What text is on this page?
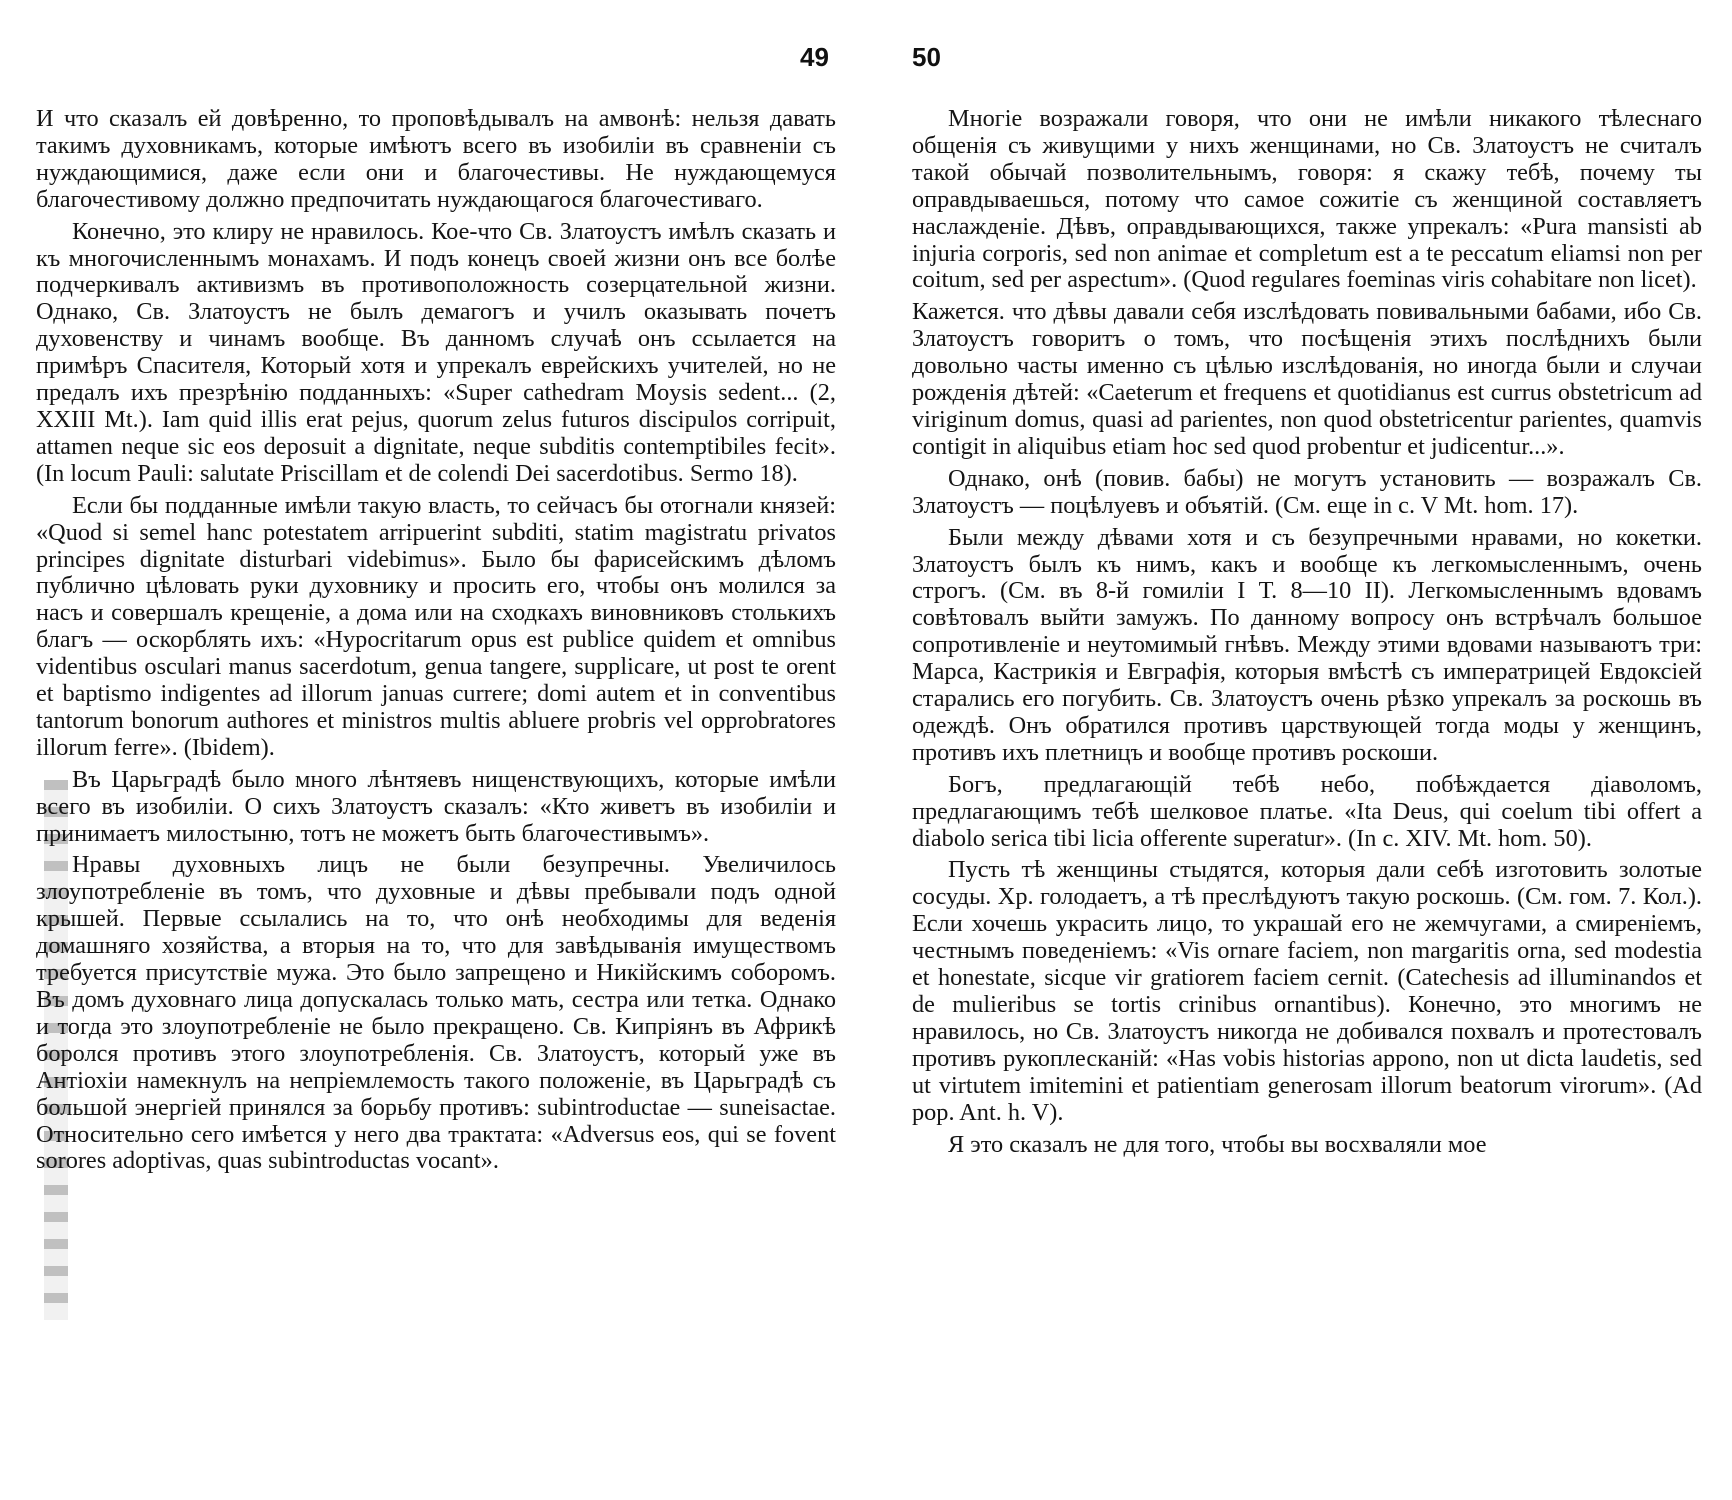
49	50

И что сказалъ ей довѣренно, то проповѣдывалъ на амвонѣ: нельзя давать такимъ духовникамъ, которые имѣютъ всего въ изобилiи въ сравненiи съ нуждающимися, даже если они и благочестивы. Не нуждающемуся благочестивому должно предпочитать нуждающагося благочестиваго.

Конечно, это клиру не нравилось. Кое-что Св. Златоустъ имѣлъ сказать и къ многочисленнымъ монахамъ. И подъ конецъ своей жизни онъ все болѣе подчеркивалъ активизмъ въ противоположность созерцательной жизни. Однако, Св. Златоустъ не былъ демагогъ и училъ оказывать почетъ духовенству и чинамъ вообще. Въ данномъ случаѣ онъ ссылается на примѣръ Спасителя, Который хотя и упрекалъ еврейскихъ учителей, но не предалъ ихъ презрѣнiю подданныхъ: «Super cathedram Moysis sedent... (2, XXIII Mt.). Iam quid illis erat pejus, quorum zelus futuros discipulos corripuit, attamen neque sic eos deposuit a dignitate, neque subditis contemptibiles fecit». (In locum Pauli: salutate Priscillam et de colendi Dei sacerdotibus. Sermo 18).

Если бы подданные имѣли такую власть, то сейчасъ бы отогнали князей: «Quod si semel hanc potestatem arripuerint subditi, statim magistratu privatos principes dignitate disturbari videbimus». Было бы фарисейскимъ дѣломъ публично цѣловать руки духовнику и просить его, чтобы онъ молился за насъ и совершалъ крещенiе, а дома или на сходкахъ виновниковъ столькихъ благъ — оскорблять ихъ: «Hypocritarum opus est publice quidem et omnibus videntibus osculari manus sacerdotum, genua tangere, supplicare, ut post te orent et baptismo indigentes ad illorum januas currere; domi autem et in conventibus tantorum bonorum authores et ministros multis abluere probris vel opprobratores illorum ferre». (Ibidem).

Въ Царьградѣ было много лѣнтяевъ нищенствующихъ, которые имѣли всего въ изобилiи. О сихъ Златоустъ сказалъ: «Кто живетъ въ изобилiи и принимаетъ милостыню, тотъ не можетъ быть благочестивымъ».

Нравы духовныхъ лицъ не были безупречны. Увеличилось злоупотребленiе въ томъ, что духовные и дѣвы пребывали подъ одной крышей. Первые ссылались на то, что онѣ необходимы для веденiя домашняго хозяйства, а вторыя на то, что для завѣдыванiя имуществомъ требуется присутствiе мужа. Это было запрещено и Никiйскимъ соборомъ. Въ домъ духовнаго лица допускалась только мать, сестра или тетка. Однако и тогда это злоупотребленiе не было прекращено. Св. Кипрiянъ въ Африкѣ боролся противъ этого злоупотребленiя. Св. Златоустъ, который уже въ Антiохiи намекнулъ на непрiемлемость такого положенiе, въ Царьградѣ съ большой энергiей принялся за борьбу противъ: subintroductae — suneisactae. Относительно сего имѣется у него два трактата: «Adversus eos, qui se fovent sorores adoptivas, quas subintroductas vocant».

Многiе возражали говоря, что они не имѣли никакого тѣлеснаго общенiя съ живущими у нихъ женщинами, но Св. Златоустъ не считалъ такой обычай позволительнымъ, говоря: я скажу тебѣ, почему ты оправдываешься, потому что самое сожитiе съ женщиной составляетъ наслажденiе. Дѣвъ, оправдывающихся, также упрекалъ: «Pura mansisti ab injuria corporis, sed non animae et completum est a te peccatum eliamsi non per coitum, sed per aspectum». (Quod regulares foeminas viris cohabitare non licet).

Кажется. что дѣвы давали себя изслѣдовать повивальными бабами, ибо Св. Златоустъ говоритъ о томъ, что посѣщенiя этихъ послѣднихъ были довольно часты именно съ цѣлью изслѣдованiя, но иногда были и случаи рожденiя дѣтей: «Caeterum et frequens et quotidianus est currus obstetricum ad viriginum domus, quasi ad parientes, non quod obstetricentur parientes, quamvis contigit in aliquibus etiam hoc sed quod probentur et judicentur...».

Однако, онѣ (повив. бабы) не могутъ установить — возражалъ Св. Златоустъ — поцѣлуевъ и объятiй. (См. еще in c. V Mt. hom. 17).

Были между дѣвами хотя и съ безупречными нравами, но кокетки. Златоустъ былъ къ нимъ, какъ и вообще къ легкомысленнымъ, очень строгъ. (См. въ 8-й гомилiи I Т. 8—10 II). Легкомысленнымъ вдовамъ совѣтовалъ выйти замужъ. По данному вопросу онъ встрѣчалъ большое сопротивленiе и неутомимый гнѣвъ. Между этими вдовами называютъ три: Марса, Кастрикiя и Евграфiя, которыя вмѣстѣ съ императрицей Евдоксiей старались его погубить. Св. Златоустъ очень рѣзко упрекалъ за роскошь въ одеждѣ. Онъ обратился противъ царствующей тогда моды у женщинъ, противъ ихъ плетницъ и вообще противъ роскоши.

Богъ, предлагающiй тебѣ небо, побѣждается дiаволомъ, предлагающимъ тебѣ шелковое платье. «Ita Deus, qui coelum tibi offert a diabolo serica tibi licia offerente superatur». (In c. XIV. Mt. hom. 50).

Пусть тѣ женщины стыдятся, которыя дали себѣ изготовить золотые сосуды. Хр. голодаетъ, а тѣ преслѣдуютъ такую роскошь. (См. гом. 7. Кол.). Если хочешь украсить лицо, то украшай его не жемчугами, а смиренiемъ, честнымъ поведенiемъ: «Vis ornare faciem, non margaritis orna, sed modestia et honestate, sicque vir gratiorem faciem cernit. (Catechesis ad illuminandos et de mulieribus se tortis crinibus ornantibus). Конечно, это многимъ не нравилось, но Св. Златоустъ никогда не добивался похвалъ и протестовалъ противъ рукоплесканiй: «Has vobis historias appono, non ut dicta laudetis, sed ut virtutem imitemini et patientiam generosam illorum beatorum virorum». (Ad pop. Ant. h. V).

Я это сказалъ не для того, чтобы вы восхваляли мое
